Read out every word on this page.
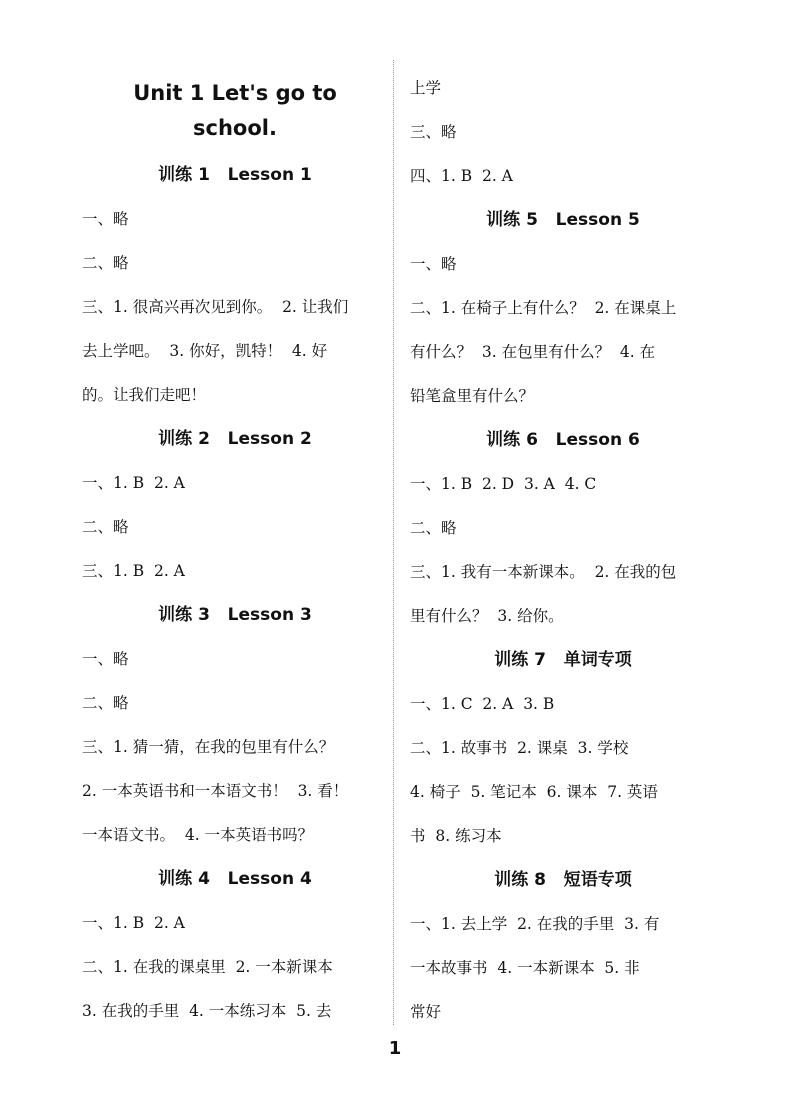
Unit 1 Let's go to
school.
训练 1   Lesson 1
一、略
二、略
三、1. 很高兴再次见到你。  2. 让我们
去上学吧。  3. 你好，凯特！  4. 好
的。让我们走吧！
训练 2   Lesson 2
一、1. B  2. A
二、略
三、1. B  2. A
训练 3   Lesson 3
一、略
二、略
三、1. 猜一猜，在我的包里有什么？
2. 一本英语书和一本语文书！  3. 看！
一本语文书。  4. 一本英语书吗？
训练 4   Lesson 4
一、1. B  2. A
二、1. 在我的课桌里  2. 一本新课本
3. 在我的手里  4. 一本练习本  5. 去
上学
三、略
四、1. B  2. A
训练 5   Lesson 5
一、略
二、1. 在椅子上有什么？  2. 在课桌上
有什么？  3. 在包里有什么？  4. 在
铅笔盒里有什么？
训练 6   Lesson 6
一、1. B  2. D  3. A  4. C
二、略
三、1. 我有一本新课本。  2. 在我的包
里有什么？  3. 给你。
训练 7   单词专项
一、1. C  2. A  3. B
二、1. 故事书  2. 课桌  3. 学校
4. 椅子  5. 笔记本  6. 课本  7. 英语
书  8. 练习本
训练 8   短语专项
一、1. 去上学  2. 在我的手里  3. 有
一本故事书  4. 一本新课本  5. 非
常好
1
